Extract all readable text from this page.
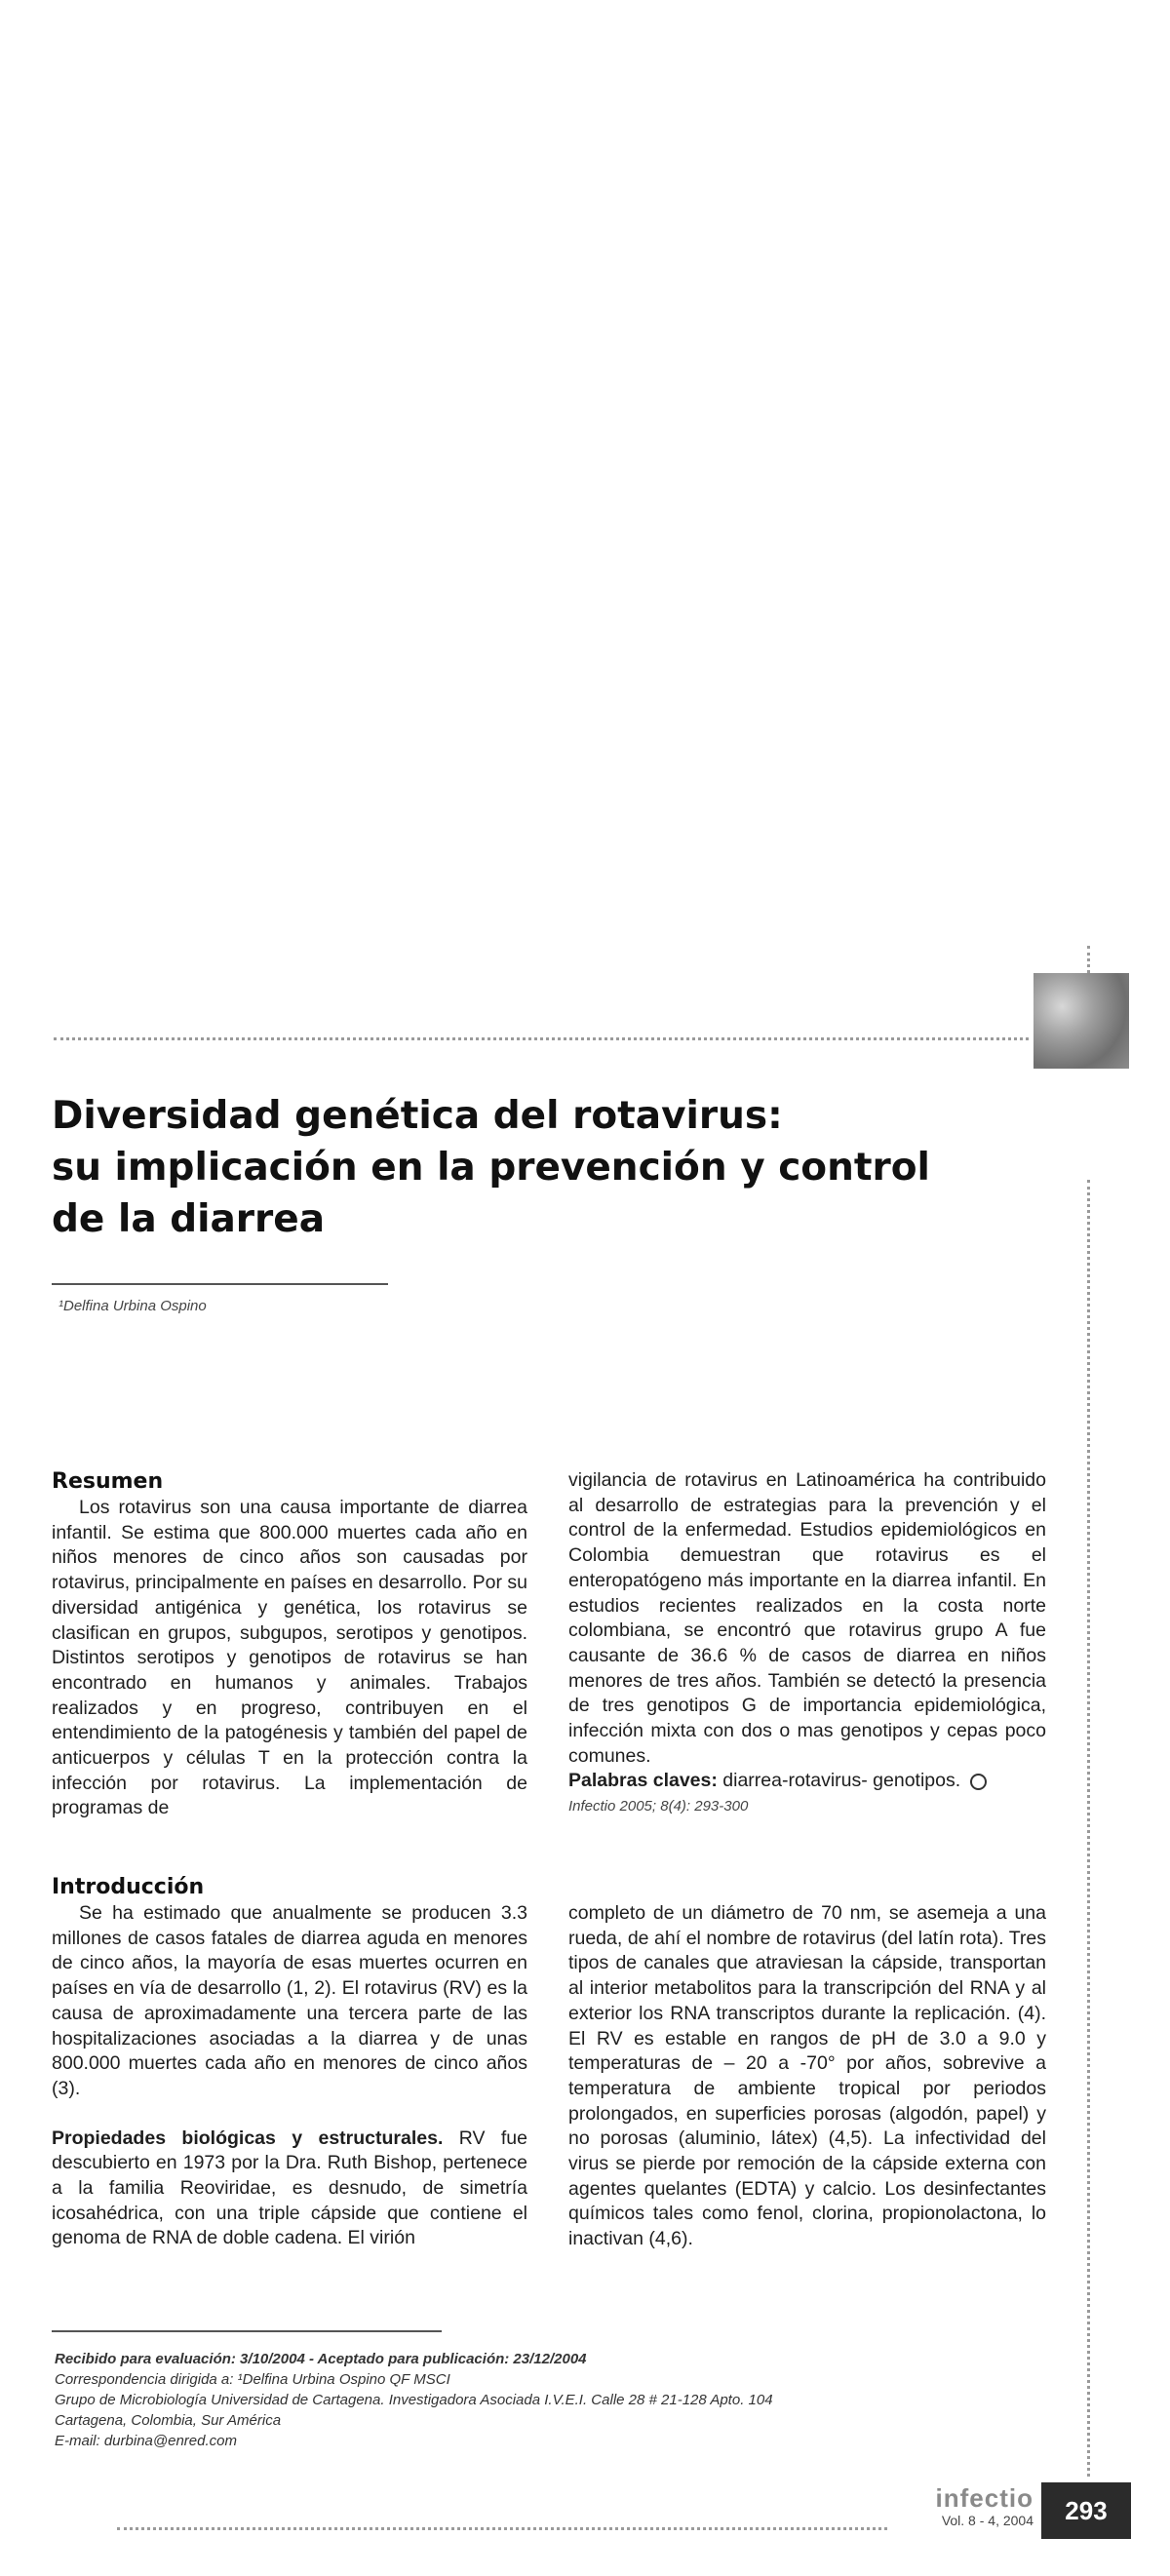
Diversidad genética del rotavirus:
su implicación en la prevención y control
de la diarrea
¹Delfina Urbina Ospino
Resumen

Los rotavirus son una causa importante de diarrea infantil. Se estima que 800.000 muertes cada año en niños menores de cinco años son causadas por rotavirus, principalmente en países en desarrollo. Por su diversidad antigénica y genética, los rotavirus se clasifican en grupos, subgupos, serotipos y genotipos. Distintos serotipos y genotipos de rotavirus se han encontrado en humanos y animales. Trabajos realizados y en progreso, contribuyen en el entendimiento de la patogénesis y también del papel de anticuerpos y células T en la protección contra la infección por rotavirus. La implementación de programas de

vigilancia de rotavirus en Latinoamérica ha contribuido al desarrollo de estrategias para la prevención y el control de la enfermedad. Estudios epidemiológicos en Colombia demuestran que rotavirus es el enteropatógeno más importante en la diarrea infantil. En estudios recientes realizados en la costa norte colombiana, se encontró que rotavirus grupo A fue causante de 36.6 % de casos de diarrea en niños menores de tres años. También se detectó la presencia de tres genotipos G de importancia epidemiológica, infección mixta con dos o mas genotipos y cepas poco comunes.

Palabras claves: diarrea-rotavirus- genotipos.

Infectio 2005; 8(4): 293-300

Introducción

Se ha estimado que anualmente se producen 3.3 millones de casos fatales de diarrea aguda en menores de cinco años, la mayoría de esas muertes ocurren en países en vía de desarrollo (1, 2). El rotavirus (RV) es la causa de aproximadamente una tercera parte de las hospitalizaciones asociadas a la diarrea y de unas 800.000 muertes cada año en menores de cinco años (3).

Propiedades biológicas y estructurales. RV fue descubierto en 1973 por la Dra. Ruth Bishop, pertenece a la familia Reoviridae, es desnudo, de simetría icosahédrica, con una triple cápside que contiene el genoma de RNA de doble cadena. El virión

completo de un diámetro de 70 nm, se asemeja a una rueda, de ahí el nombre de rotavirus (del latín rota). Tres tipos de canales que atraviesan la cápside, transportan al interior metabolitos para la transcripción del RNA y al exterior los RNA transcriptos durante la replicación. (4). El RV es estable en rangos de pH de 3.0 a 9.0 y temperaturas de – 20 a -70° por años, sobrevive a temperatura de ambiente tropical por periodos prolongados, en superficies porosas (algodón, papel) y no porosas (aluminio, látex) (4,5). La infectividad del virus se pierde por remoción de la cápside externa con agentes quelantes (EDTA) y calcio. Los desinfectantes químicos tales como fenol, clorina, propionolactona, lo inactivan (4,6).

Recibido para evaluación: 3/10/2004 - Aceptado para publicación: 23/12/2004

Correspondencia dirigida a: ¹Delfina Urbina Ospino QF MSCI

Grupo de Microbiología Universidad de Cartagena. Investigadora Asociada I.V.E.I. Calle 28 # 21-128 Apto. 104

Cartagena, Colombia, Sur América

E-mail: durbina@enred.com

infectio
Vol. 8 - 4, 2004	293
